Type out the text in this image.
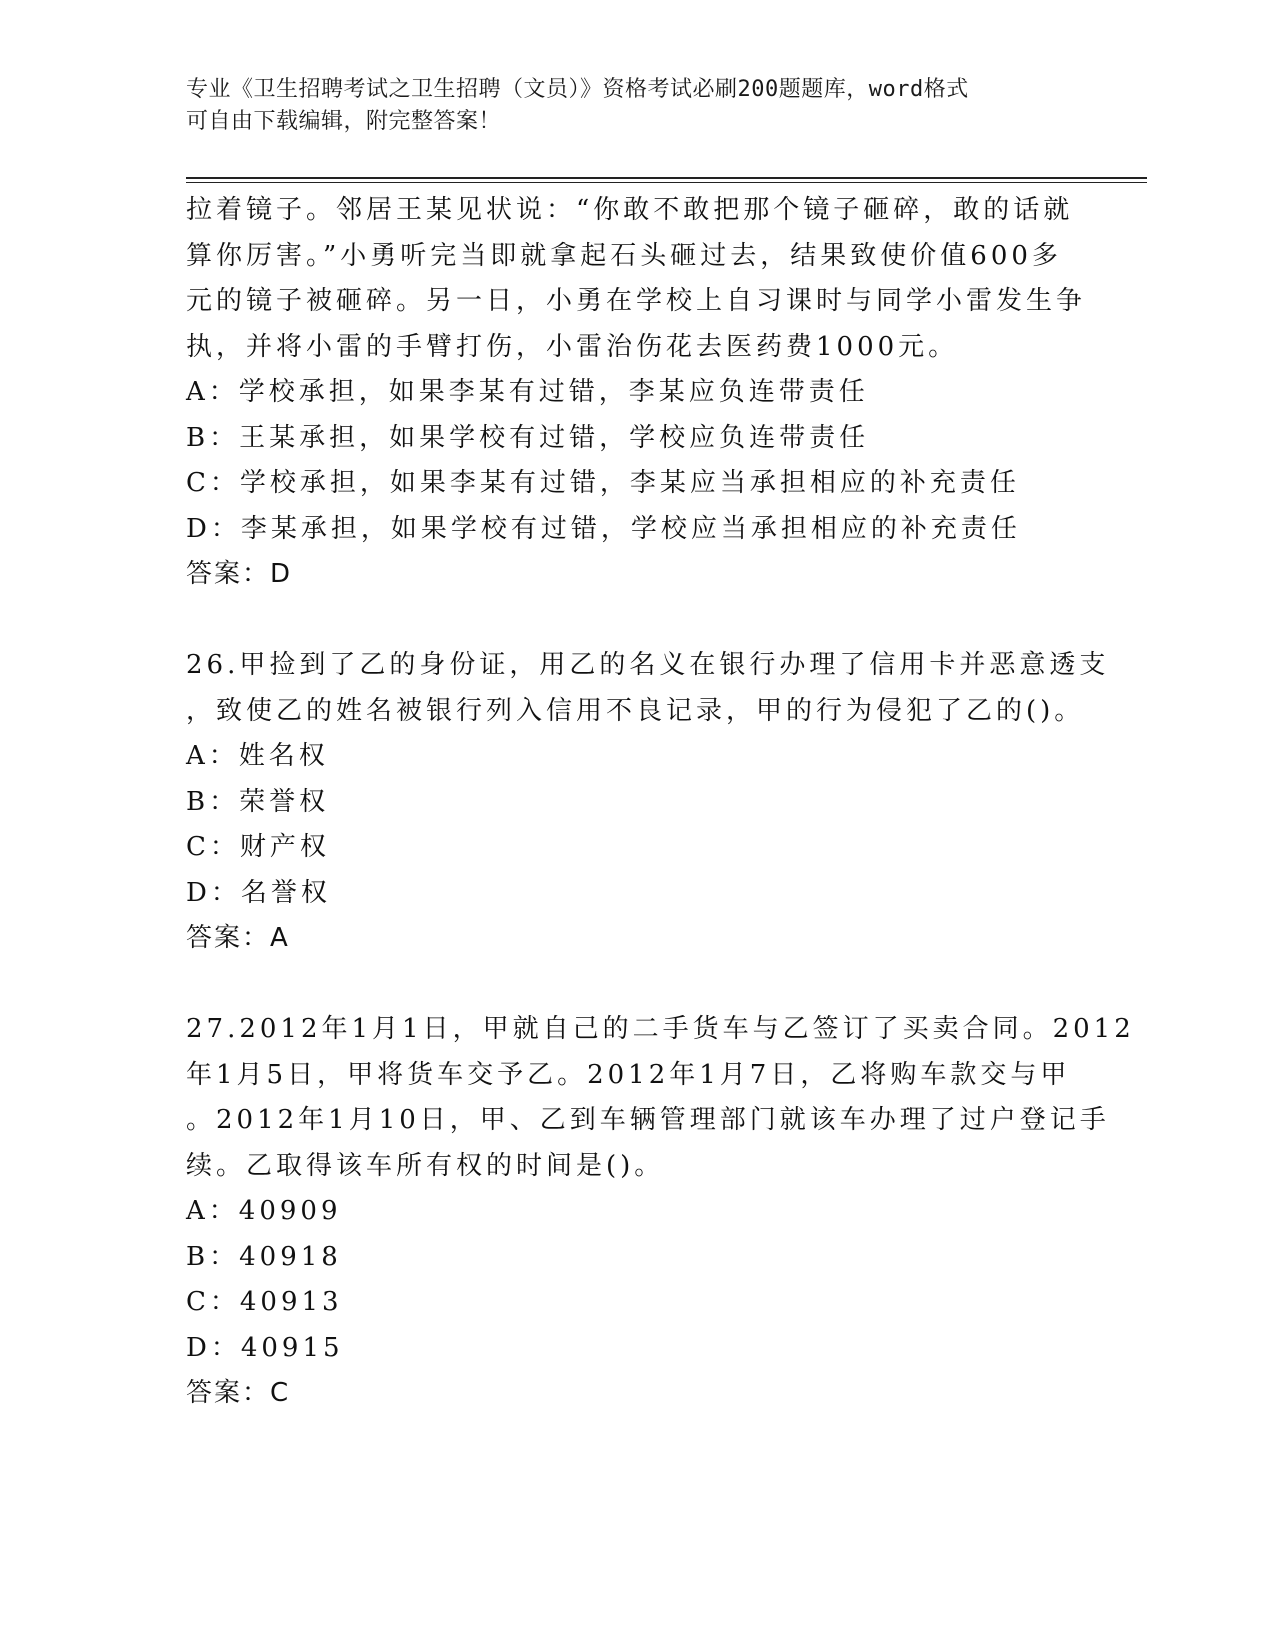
专业《卫生招聘考试之卫生招聘（文员）》资格考试必刷200题题库，word格式
可自由下载编辑，附完整答案！
拉着镜子。邻居王某见状说：“你敢不敢把那个镜子砸碎，敢的话就
算你厉害。”小勇听完当即就拿起石头砸过去，结果致使价值600多
元的镜子被砸碎。另一日，小勇在学校上自习课时与同学小雷发生争
执，并将小雷的手臂打伤，小雷治伤花去医药费1000元。
A：学校承担，如果李某有过错，李某应负连带责任
B：王某承担，如果学校有过错，学校应负连带责任
C：学校承担，如果李某有过错，李某应当承担相应的补充责任
D：李某承担，如果学校有过错，学校应当承担相应的补充责任
答案：D
26.甲捡到了乙的身份证，用乙的名义在银行办理了信用卡并恶意透支
，致使乙的姓名被银行列入信用不良记录，甲的行为侵犯了乙的()。
A：姓名权
B：荣誉权
C：财产权
D：名誉权
答案：A
27.2012年1月1日，甲就自己的二手货车与乙签订了买卖合同。2012
年1月5日，甲将货车交予乙。2012年1月7日，乙将购车款交与甲
。2012年1月10日，甲、乙到车辆管理部门就该车办理了过户登记手
续。乙取得该车所有权的时间是()。
A：40909
B：40918
C：40913
D：40915
答案：C
